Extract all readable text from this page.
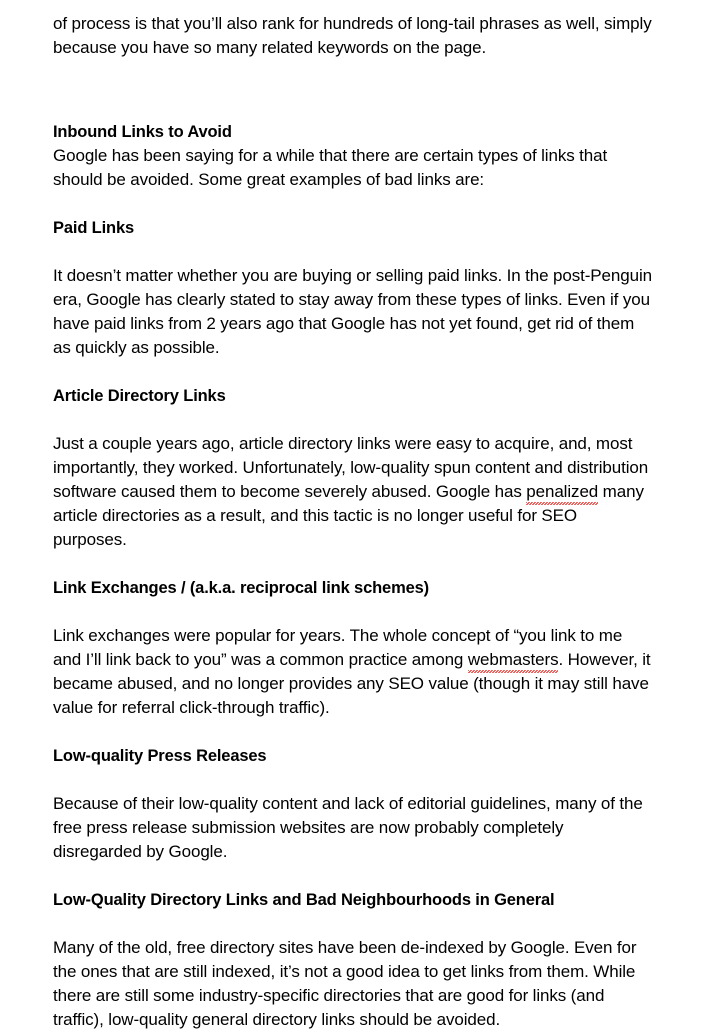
of process is that you’ll also rank for hundreds of long-tail phrases as well, simply because you have so many related keywords on the page.

Inbound Links to Avoid

Google has been saying for a while that there are certain types of links that should be avoided. Some great examples of bad links are:

Paid Links

It doesn’t matter whether you are buying or selling paid links. In the post-Penguin era, Google has clearly stated to stay away from these types of links. Even if you have paid links from 2 years ago that Google has not yet found, get rid of them as quickly as possible.

Article Directory Links

Just a couple years ago, article directory links were easy to acquire, and, most importantly, they worked. Unfortunately, low-quality spun content and distribution software caused them to become severely abused. Google has penalized many article directories as a result, and this tactic is no longer useful for SEO purposes.

Link Exchanges / (a.k.a. reciprocal link schemes)

Link exchanges were popular for years. The whole concept of “you link to me and I’ll link back to you” was a common practice among webmasters. However, it became abused, and no longer provides any SEO value (though it may still have value for referral click-through traffic).

Low-quality Press Releases

Because of their low-quality content and lack of editorial guidelines, many of the free press release submission websites are now probably completely disregarded by Google.

Low-Quality Directory Links and Bad Neighbourhoods in General

Many of the old, free directory sites have been de-indexed by Google. Even for the ones that are still indexed, it’s not a good idea to get links from them. While there are still some industry-specific directories that are good for links (and traffic), low-quality general directory links should be avoided.
